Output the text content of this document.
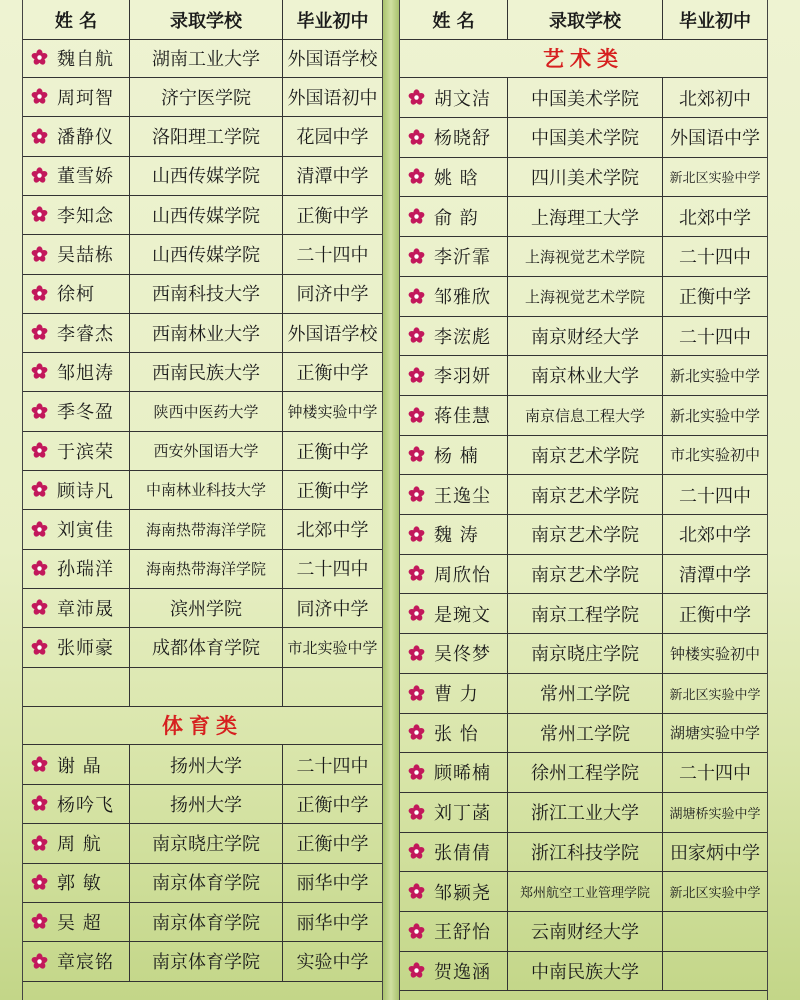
姓 名	录取学校	毕业初中
魏自航	湖南工业大学	外国语学校
周珂智	济宁医学院	外国语初中
潘静仪	洛阳理工学院	花园中学
董雪娇	山西传媒学院	清潭中学
李知念	山西传媒学院	正衡中学
吴喆栋	山西传媒学院	二十四中
徐柯	西南科技大学	同济中学
李睿杰	西南林业大学	外国语学校
邹旭涛	西南民族大学	正衡中学
季冬盈	陕西中医药大学	钟楼实验中学
于滨荣	西安外国语大学	正衡中学
顾诗凡	中南林业科技大学	正衡中学
刘寅佳	海南热带海洋学院	北郊中学
孙瑞洋	海南热带海洋学院	二十四中
章沛晟	滨州学院	同济中学
张师豪	成都体育学院	市北实验中学
体育类
谢 晶	扬州大学	二十四中
杨吟飞	扬州大学	正衡中学
周 航	南京晓庄学院	正衡中学
郭 敏	南京体育学院	丽华中学
吴 超	南京体育学院	丽华中学
章宸铭	南京体育学院	实验中学
姓 名	录取学校	毕业初中
艺术类
胡文洁	中国美术学院	北郊初中
杨晓舒	中国美术学院	外国语中学
姚 晗	四川美术学院	新北区实验中学
俞 韵	上海理工大学	北郊中学
李沂霏	上海视觉艺术学院	二十四中
邹雅欣	上海视觉艺术学院	正衡中学
李浤彪	南京财经大学	二十四中
李羽妍	南京林业大学	新北实验中学
蒋佳慧	南京信息工程大学	新北实验中学
杨 楠	南京艺术学院	市北实验初中
王逸尘	南京艺术学院	二十四中
魏 涛	南京艺术学院	北郊中学
周欣怡	南京艺术学院	清潭中学
是琬文	南京工程学院	正衡中学
吴佟梦	南京晓庄学院	钟楼实验初中
曹 力	常州工学院	新北区实验中学
张 怡	常州工学院	湖塘实验中学
顾晞楠	徐州工程学院	二十四中
刘丁菡	浙江工业大学	湖塘桥实验中学
张倩倩	浙江科技学院	田家炳中学
邹颍尧	郑州航空工业管理学院	新北区实验中学
王舒怡	云南财经大学
贺逸涵	中南民族大学
